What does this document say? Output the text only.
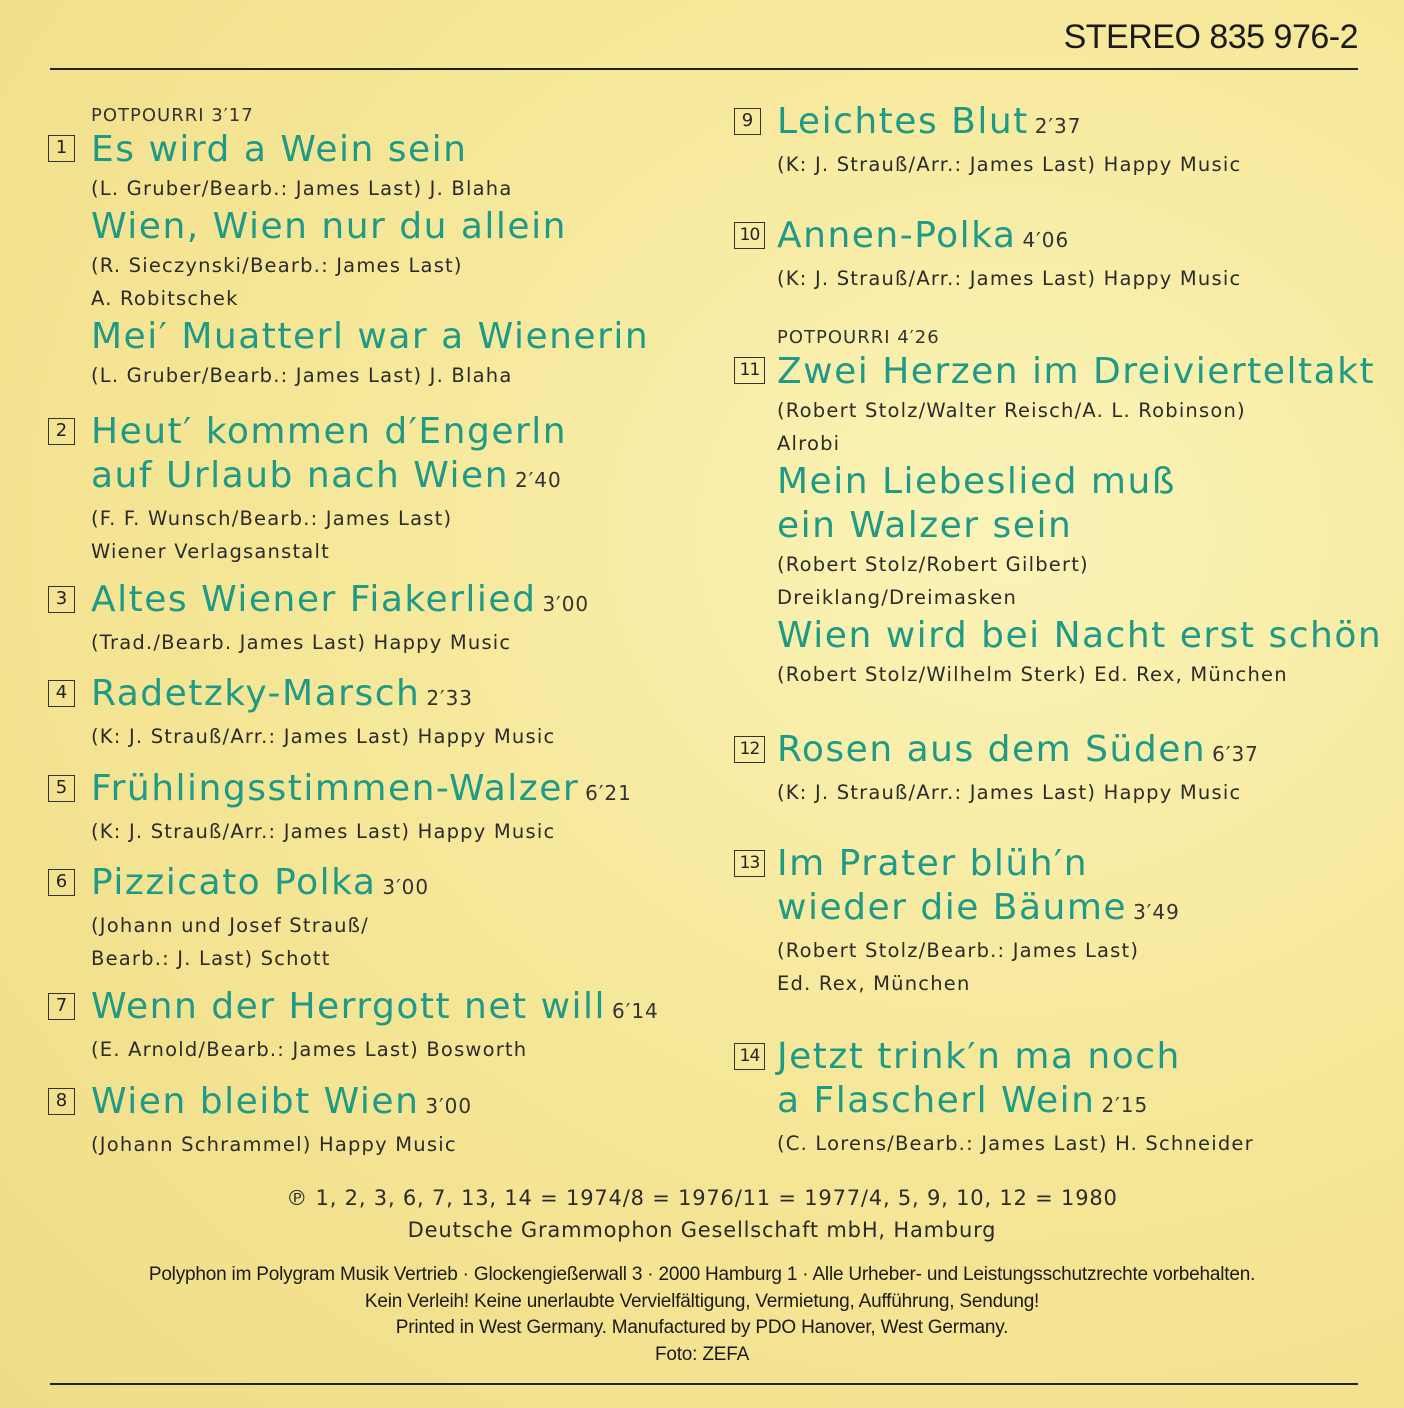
STEREO 835 976-2
1
POTPOURRI 3′17
Es wird a Wein sein
(L. Gruber/Bearb.: James Last) J. Blaha
Wien, Wien nur du allein
(R. Sieczynski/Bearb.: James Last)
A. Robitschek
Mei′ Muatterl war a Wienerin
(L. Gruber/Bearb.: James Last) J. Blaha
2 Heut′ kommen d′Engerln
auf Urlaub nach Wien 2′40
(F. F. Wunsch/Bearb.: James Last)
Wiener Verlagsanstalt
3 Altes Wiener Fiakerlied 3′00
(Trad./Bearb. James Last) Happy Music
4 Radetzky-Marsch 2′33
(K: J. Strauß/Arr.: James Last) Happy Music
5 Frühlingsstimmen-Walzer 6′21
(K: J. Strauß/Arr.: James Last) Happy Music
6 Pizzicato Polka 3′00
(Johann und Josef Strauß/
Bearb.: J. Last) Schott
7 Wenn der Herrgott net will 6′14
(E. Arnold/Bearb.: James Last) Bosworth
8 Wien bleibt Wien 3′00
(Johann Schrammel) Happy Music
9 Leichtes Blut 2′37
(K: J. Strauß/Arr.: James Last) Happy Music
10 Annen-Polka 4′06
(K: J. Strauß/Arr.: James Last) Happy Music
11
POTPOURRI 4′26
Zwei Herzen im Dreivierteltakt
(Robert Stolz/Walter Reisch/A. L. Robinson)
Alrobi
Mein Liebeslied muß
ein Walzer sein
(Robert Stolz/Robert Gilbert)
Dreiklang/Dreimasken
Wien wird bei Nacht erst schön
(Robert Stolz/Wilhelm Sterk) Ed. Rex, München
12 Rosen aus dem Süden 6′37
(K: J. Strauß/Arr.: James Last) Happy Music
13 Im Prater blüh′n
wieder die Bäume 3′49
(Robert Stolz/Bearb.: James Last)
Ed. Rex, München
14 Jetzt trink′n ma noch
a Flascherl Wein 2′15
(C. Lorens/Bearb.: James Last) H. Schneider
℗ 1, 2, 3, 6, 7, 13, 14 = 1974/8 = 1976/11 = 1977/4, 5, 9, 10, 12 = 1980
Deutsche Grammophon Gesellschaft mbH, Hamburg
Polyphon im Polygram Musik Vertrieb · Glockengießerwall 3 · 2000 Hamburg 1 · Alle Urheber- und Leistungsschutzrechte vorbehalten.
Kein Verleih! Keine unerlaubte Vervielfältigung, Vermietung, Aufführung, Sendung!
Printed in West Germany. Manufactured by PDO Hanover, West Germany.
Foto: ZEFA
